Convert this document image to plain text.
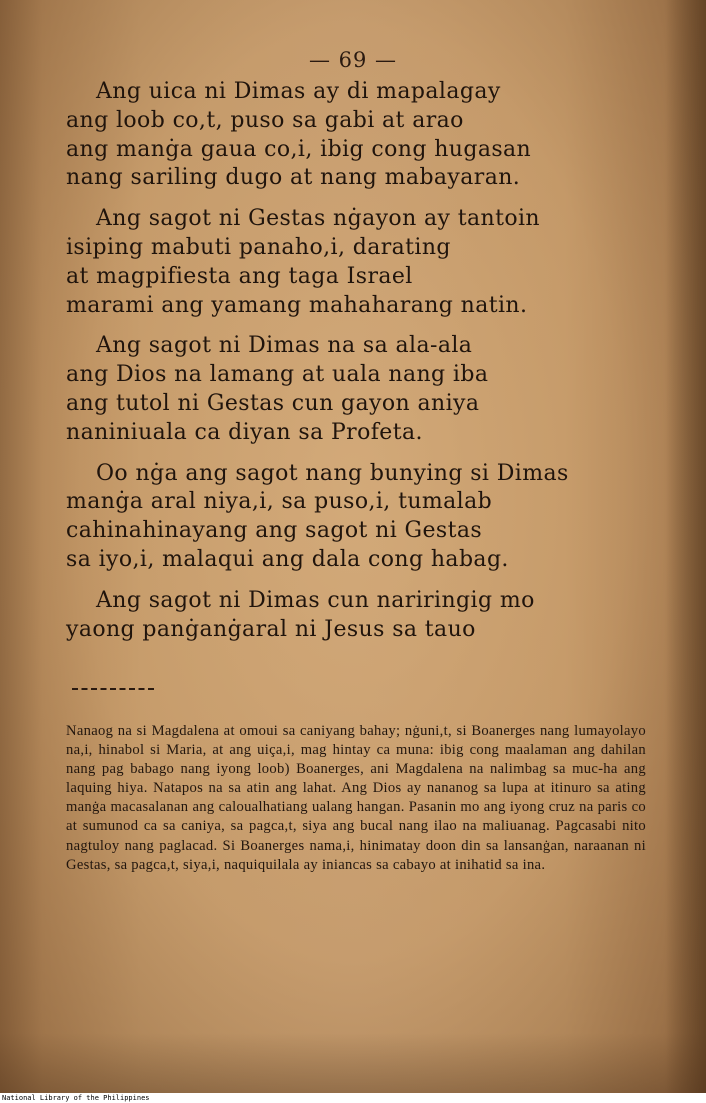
— 69 —
Ang uica ni Dimas ay di mapalagay
ang loob co,t, puso sa gabi at arao
ang manġa gaua co,i, ibig cong hugasan
nang sariling dugo at nang mabayaran.
Ang sagot ni Gestas nġayon ay tantoin
isiping mabuti panaho,i, darating
at magpifiesta ang taga Israel
marami ang yamang mahaharang natin.
Ang sagot ni Dimas na sa ala-ala
ang Dios na lamang at uala nang iba
ang tutol ni Gestas cun gayon aniya
naniniuala ca diyan sa Profeta.
Oo nġa ang sagot nang bunying si Dimas
manġa aral niya,i, sa puso,i, tumalab
cahinahinayang ang sagot ni Gestas
sa iyo,i, malaqui ang dala cong habag.
Ang sagot ni Dimas cun nariringig mo
yaong panġanġaral ni Jesus sa tauo
Nanaog na si Magdalena at omoui sa caniyang bahay; nġuni,t, si Boanerges nang lumayolayo na,i, hinabol si Maria, at ang uiça,i, mag hintay ca muna: ibig cong maalaman ang dahilan nang pag babago nang iyong loob) Boanerges, ani Magdalena na nalimbag sa muc-ha ang laquing hiya. Natapos na sa atin ang lahat. Ang Dios ay nananog sa lupa at itinuro sa ating manġa macasalanan ang caloualhatiang ualang hangan. Pasanin mo ang iyong cruz na paris co at sumunod ca sa caniya, sa pagca,t, siya ang bucal nang ilao na maliuanag. Pagcasabi nito nagtuloy nang paglacad. Si Boanerges nama,i, hinimatay doon din sa lansanġan, naraanan ni Gestas, sa pagca,t, siya,i, naquiquilala ay iniancas sa cabayo at inihatid sa ina.
National Library of the Philippines
